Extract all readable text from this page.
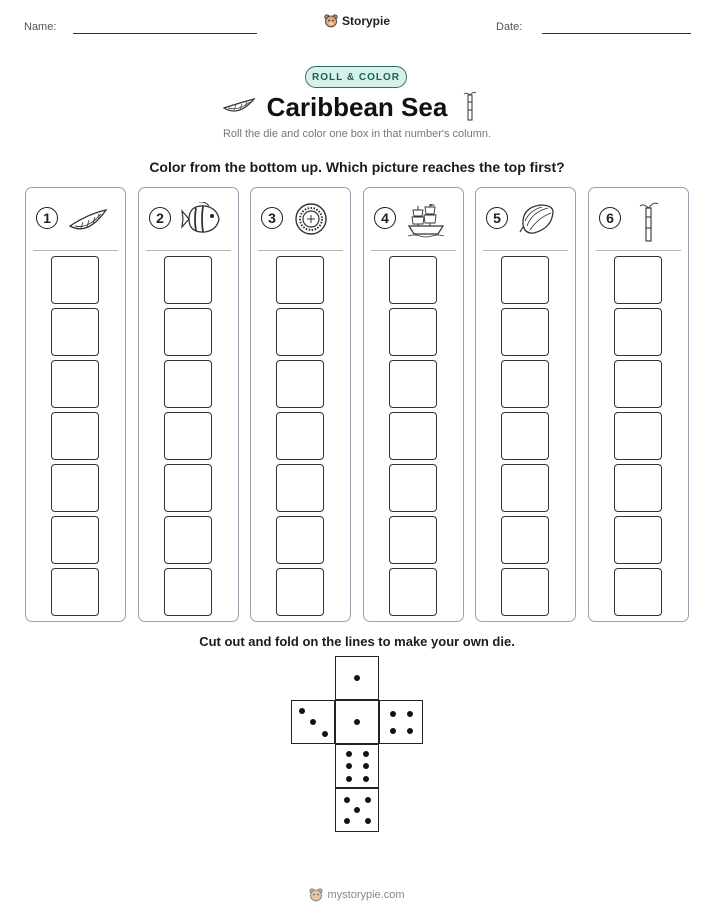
Name:	Storypie	Date:
ROLL & COLOR
Caribbean Sea
Roll the die and color one box in that number's column.
Color from the bottom up. Which picture reaches the top first?
1	2	3	4	5	6
Cut out and fold on the lines to make your own die.
mystorypie.com
